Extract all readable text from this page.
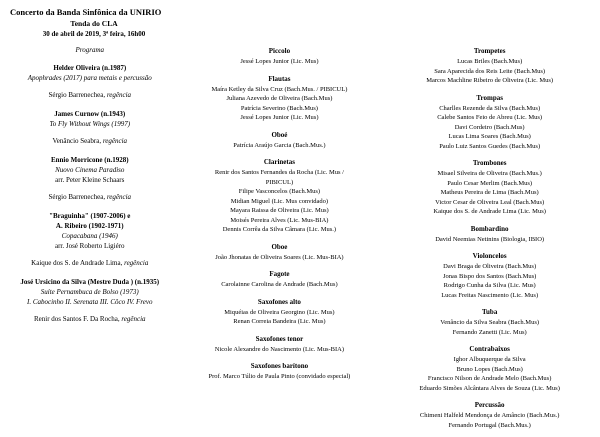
Concerto da Banda Sinfônica da UNIRIO
Tenda do CLA
30 de abril de 2019, 3ª feira, 16h00
Programa
Helder Oliveira (n.1987)
Apophrades (2017) para metais e percussão
Sérgio Barrenechea, regência
James Curnow (n.1943)
To Fly Without Wings (1997)
Venâncio Seabra, regência
Ennio Morricone (n.1928)
Nuovo Cinema Paradiso
arr. Peter Kleine Schaars
Sérgio Barrenechea, regência
"Braguinha" (1907-2006) e
A. Ribeiro (1902-1971)
Copacabana (1946)
arr. José Roberto Ligiéro
Kaique dos S. de Andrade Lima, regência
José Ursicino da Silva (Mestre Duda ) (n.1935)
Suíte Pernambuca de Bolso (1973)
I. Cabocinho II. Serenata III. Côco IV. Frevo
Renir dos Santos F. Da Rocha, regência
Piccolo
Jessé Lopes Junior (Lic. Mus)
Flautas
Maíra Ketley da Silva Cruz (Bach.Mus. / PIBICUL)
Juliana Azevedo de Oliveira (Bach.Mus)
Patrícia Severino (Bach.Mus)
Jessé Lopes Junior (Lic. Mus)
Oboé
Patrícia Araújo Garcia (Bach.Mus.)
Clarinetas
Renir dos Santos Fernandes da Rocha (Lic. Mus /
PIBICUL)
Filipe Vasconcelos (Bach.Mus)
Midian Miguel (Lic. Mus convidado)
Mayara Raissa de Oliveira (Lic. Mus)
Moisés Pereira Alves (Lic. Mus-BIA)
Dennis Corrêa da Silva Câmara (Lic. Mus.)
Oboe
João Jhonatas de Oliveira Soares (Lic. Mus-BIA)
Fagote
Carolainne Carolina de Andrade (Bach.Mus)
Saxofones alto
Miquéias de Oliveira Georgino (Lic. Mus)
Renan Correia Bandeira (Lic. Mus)
Saxofones tenor
Nicole Alexandre do Nascimento (Lic. Mus-BIA)
Saxofones barítono
Prof. Marco Túlio de Paula Pinto (convidado especial)
Trompetes
Lucas Briles (Bach.Mus)
Sara Aparecida dos Reis Leite (Bach.Mus)
Marcos Machline Ribeiro de Oliveira (Lic. Mus)
Trompas
Charlles Rezende da Silva (Bach.Mus)
Calebe Santos Feio de Abreu (Lic. Mus)
Davi Cordeiro (Bach.Mus)
Lucas Lima Soares (Bach.Mus)
Paulo Luiz Santos Guedes (Bach.Mus)
Trombones
Misael Silveira de Oliveira (Bach.Mus.)
Paulo Cesar Merlim (Bach.Mus)
Matheus Pereira de Lima (Bach.Mus)
Victor Cesar de Oliveira Leal (Bach.Mus)
Kaique dos S. de Andrade Lima (Lic. Mus)
Bombardino
David Neemias Netinins (Biologia, IBIO)
Violoncelos
Davi Braga de Oliveira (Bach.Mus)
Jonas Bispo dos Santos (Bach.Mus)
Rodrigo Cunha da Silva (Lic. Mus)
Lucas Freitas Nascimento (Lic. Mus)
Tuba
Venâncio da Silva Seabra (Bach.Mus)
Fernando Zanetti (Lic. Mus)
Contrabaixos
Ighor Albuquerque da Silva
Bruno Lopes (Bach.Mus)
Francisco Nilson de Andrade Melo (Bach.Mus)
Eduardo Simões Alcântara Alves de Souza (Lic. Mus)
Percussão
Chimeni Halfeld Mendonça de Amâncio (Bach.Mus.)
Fernando Portugal (Bach.Mus.)
